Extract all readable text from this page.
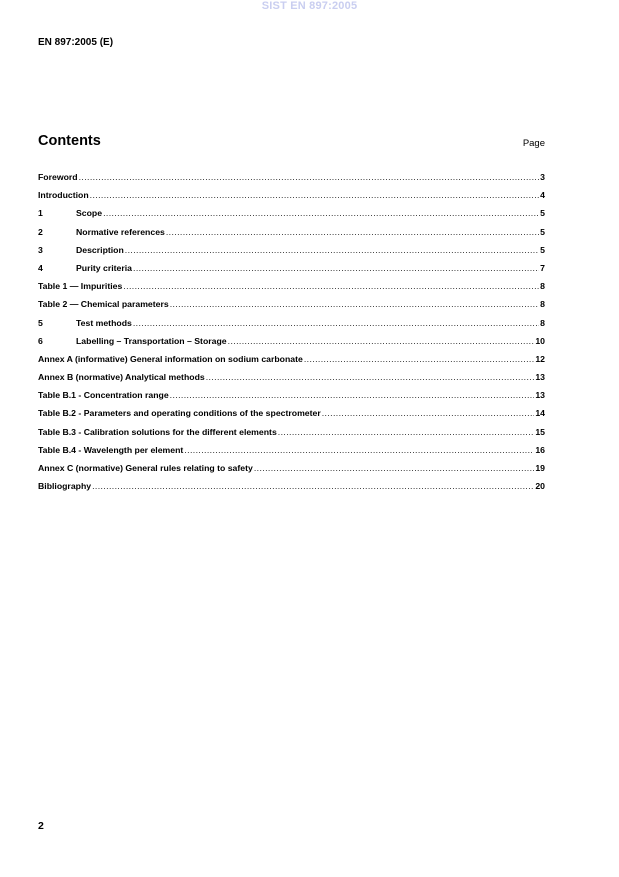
SIST EN 897:2005
EN 897:2005 (E)
Contents	Page
Foreword .....	3
Introduction .....	4
1	Scope .....	5
2	Normative references .....	5
3	Description .....	5
4	Purity criteria .....	7
Table 1 — Impurities .....	8
Table 2 — Chemical parameters .....	8
5	Test methods .....	8
6	Labelling – Transportation – Storage .....	10
Annex A (informative) General information on sodium carbonate .....	12
Annex B (normative) Analytical methods .....	13
Table B.1 - Concentration range .....	13
Table B.2 - Parameters and operating conditions of the spectrometer .....	14
Table B.3 - Calibration solutions for the different elements .....	15
Table B.4 - Wavelength per element .....	16
Annex C (normative) General rules relating to safety .....	19
Bibliography .....	20
2
